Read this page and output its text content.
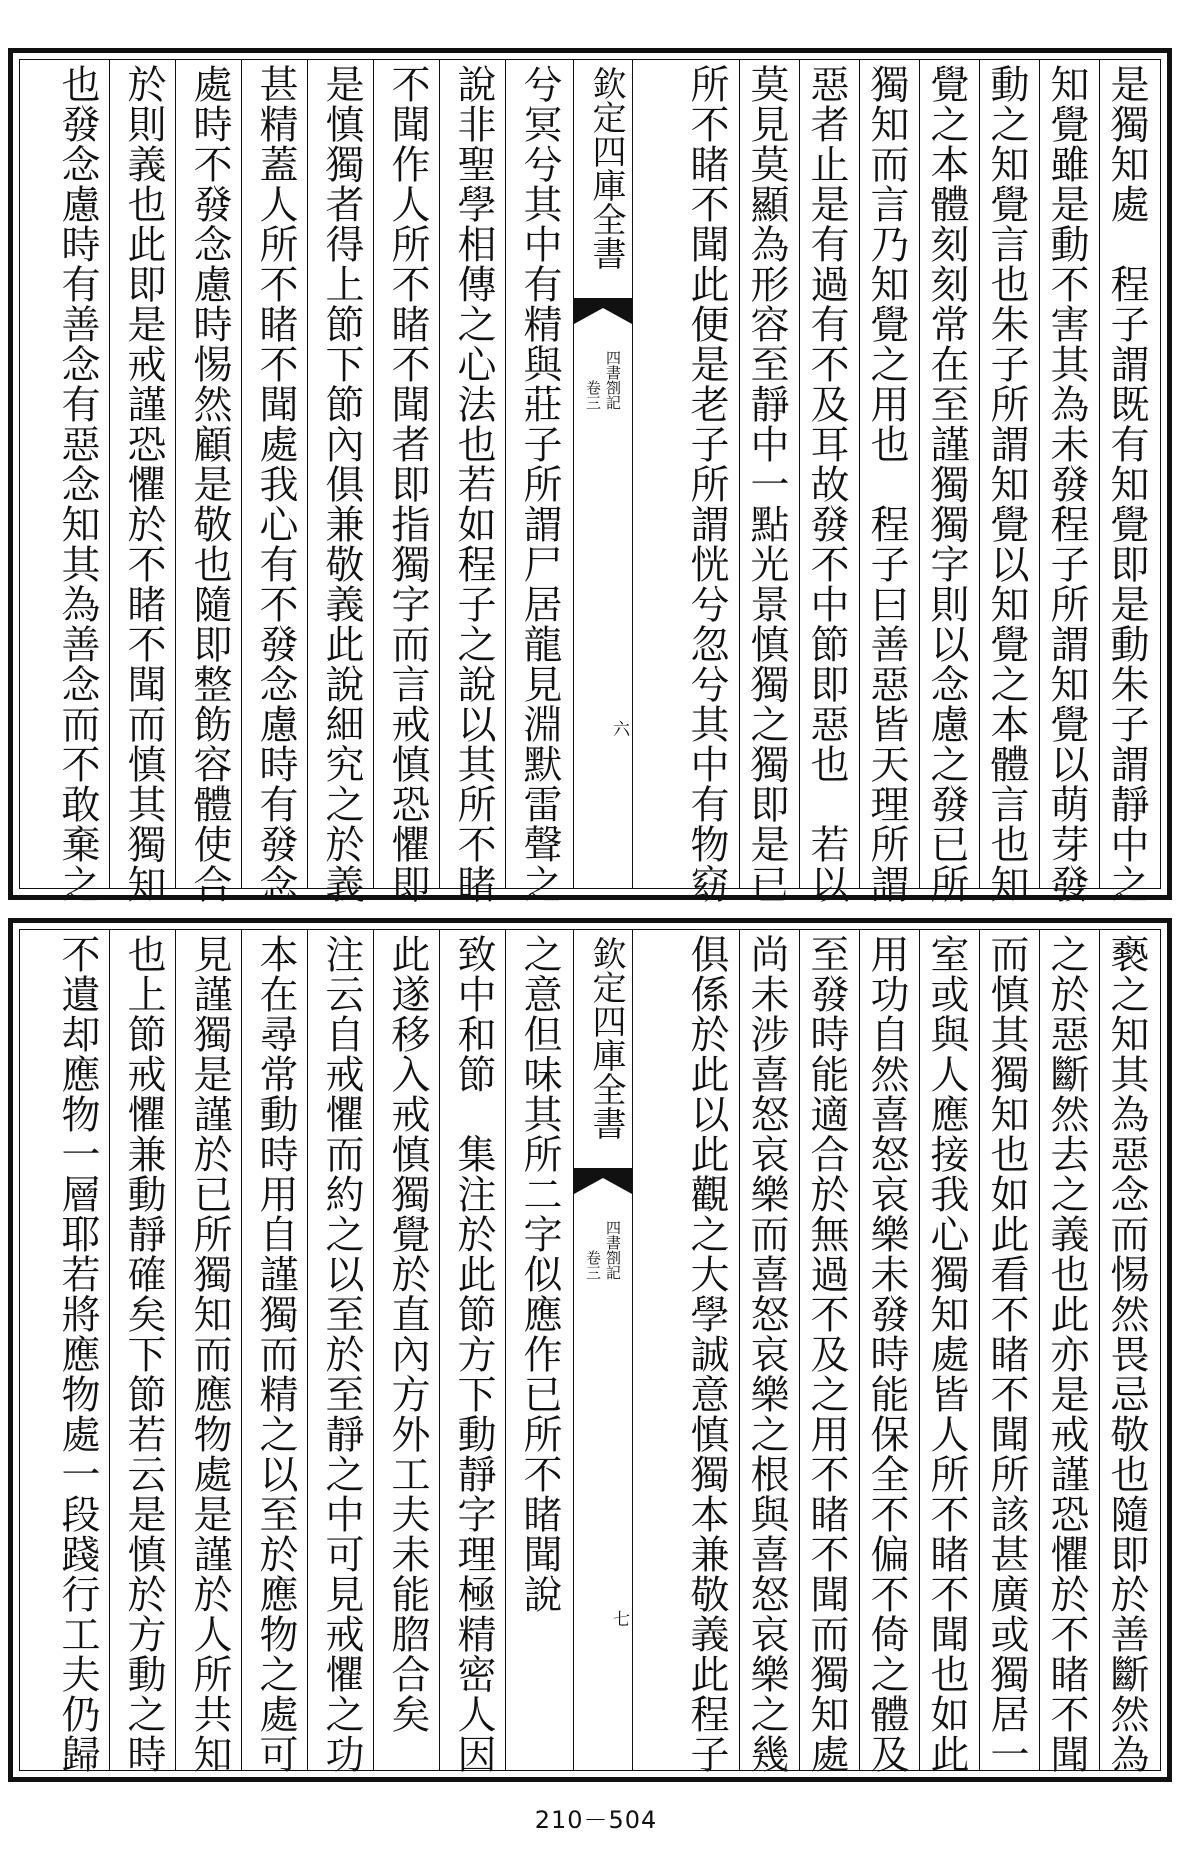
是獨知處　程子謂既有知覺即是動朱子謂靜中之
知覺雖是動不害其為未發程子所謂知覺以萌芽發
動之知覺言也朱子所謂知覺以知覺之本體言也知
覺之本體刻刻常在至謹獨獨字則以念慮之發已所
獨知而言乃知覺之用也　程子曰善惡皆天理所謂
惡者止是有過有不及耳故發不中節即惡也　若以
莫見莫顯為形容至靜中一點光景慎獨之獨即是已
所不睹不聞此便是老子所謂恍兮忽兮其中有物窈
欽定四庫全書
四書劄記
卷三
六
兮冥兮其中有精與莊子所謂尸居龍見淵默雷聲之
說非聖學相傳之心法也若如程子之說以其所不睹
不聞作人所不睹不聞者即指獨字而言戒慎恐懼即
是慎獨者得上節下節內俱兼敬義此說細究之於義
甚精蓋人所不睹不聞處我心有不發念慮時有發念
處時不發念慮時惕然顧是敬也隨即整飭容體使合
於則義也此即是戒謹恐懼於不睹不聞而慎其獨知
也發念慮時有善念有惡念知其為善念而不敢棄之
褻之知其為惡念而惕然畏忌敬也隨即於善斷然為
之於惡斷然去之義也此亦是戒謹恐懼於不睹不聞
而慎其獨知也如此看不睹不聞所該甚廣或獨居一
室或與人應接我心獨知處皆人所不睹不聞也如此
用功自然喜怒哀樂未發時能保全不偏不倚之體及
至發時能適合於無過不及之用不睹不聞而獨知處
尚未涉喜怒哀樂而喜怒哀樂之根與喜怒哀樂之幾
俱係於此以此觀之大學誠意慎獨本兼敬義此程子
欽定四庫全書
四書劄記
卷三
七
之意但味其所二字似應作已所不睹聞說
致中和節　集注於此節方下動靜字理極精密人因
此遂移入戒慎獨覺於直內方外工夫未能脗合矣
注云自戒懼而約之以至於至靜之中可見戒懼之功
本在尋常動時用自謹獨而精之以至於應物之處可
見謹獨是謹於已所獨知而應物處是謹於人所共知
也上節戒懼兼動靜確矣下節若云是慎於方動之時
不遺却應物一層耶若將應物處一段踐行工夫仍歸
210－504
